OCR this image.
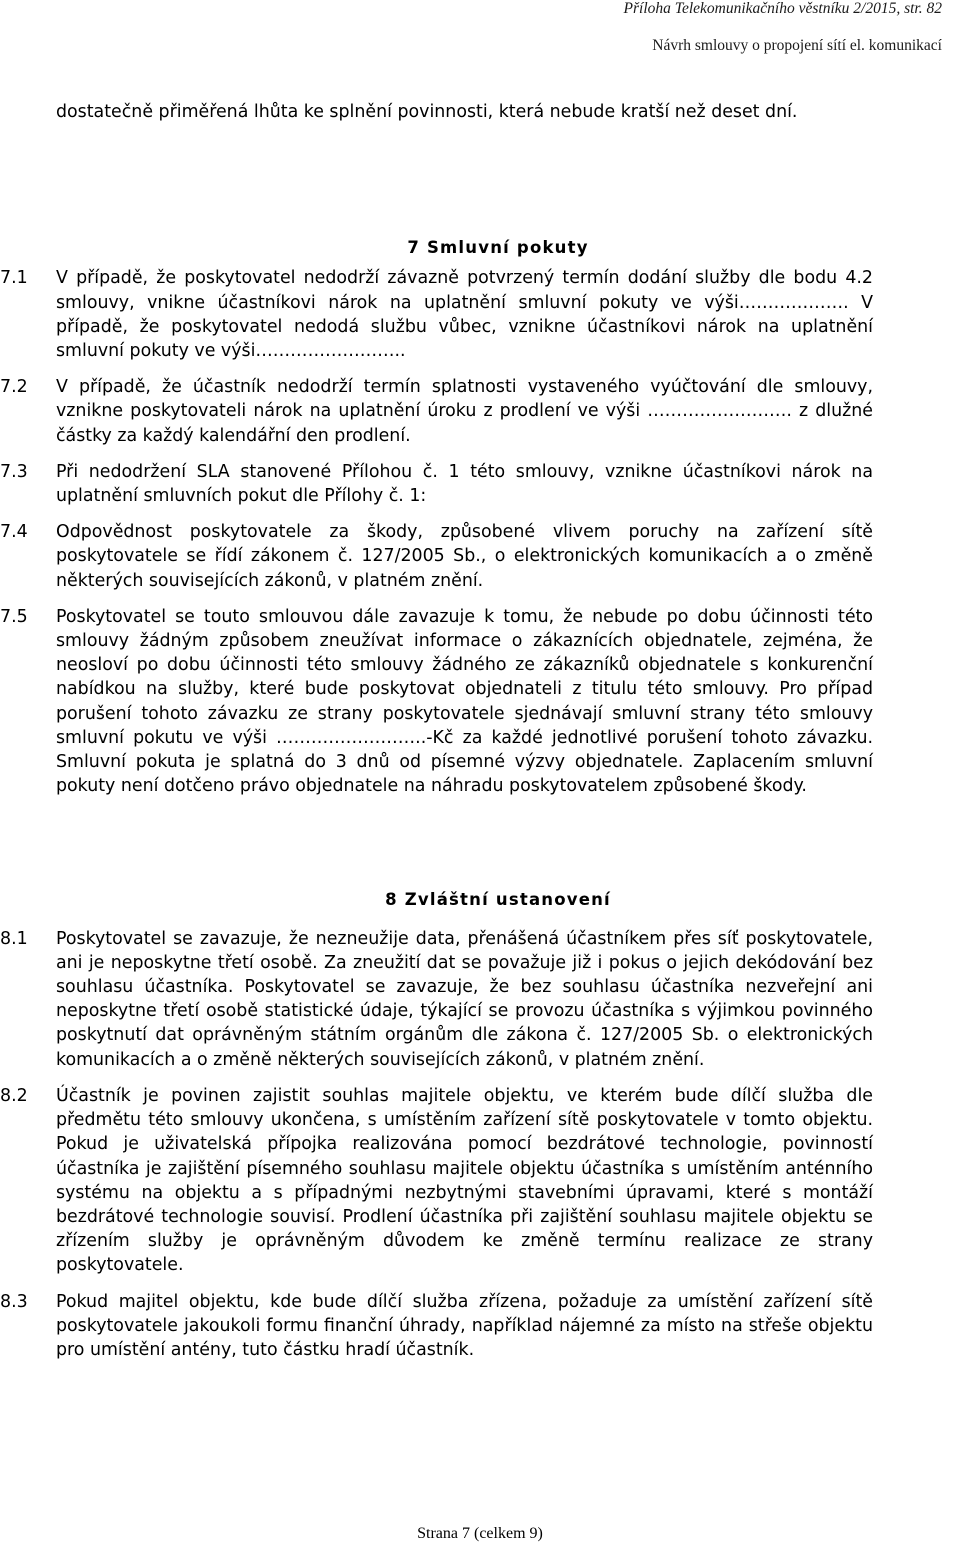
Příloha Telekomunikačního věstníku 2/2015, str. 82
Návrh smlouvy o propojení sítí el. komunikací
dostatečně přiměřená lhůta ke splnění povinnosti, která nebude kratší než deset dní.
7 Smluvní pokuty
7.1	V případě, že poskytovatel nedodrží závazně potvrzený termín dodání služby dle bodu 4.2 smlouvy, vnikne účastníkovi nárok na uplatnění smluvní pokuty ve výši………………. V případě, že poskytovatel nedodá službu vůbec, vznikne účastníkovi nárok na uplatnění smluvní pokuty ve výši……………………..
7.2	V případě, že účastník nedodrží termín splatnosti vystaveného vyúčtování dle smlouvy, vznikne poskytovateli nárok na uplatnění úroku z prodlení ve výši ……………………. z dlužné částky za každý kalendářní den prodlení.
7.3	Při nedodržení SLA stanovené Přílohou č. 1 této smlouvy, vznikne účastníkovi nárok na uplatnění smluvních pokut dle Přílohy č. 1:
7.4	Odpovědnost poskytovatele za škody, způsobené vlivem poruchy na zařízení sítě poskytovatele se řídí zákonem č. 127/2005 Sb., o elektronických komunikacích a o změně některých souvisejících zákonů, v platném znění.
7.5	Poskytovatel se touto smlouvou dále zavazuje k tomu, že nebude po dobu účinnosti této smlouvy žádným způsobem zneužívat informace o zákaznících objednatele, zejména, že neosloví po dobu účinnosti této smlouvy žádného ze zákazníků objednatele s konkurenční nabídkou na služby, které bude poskytovat objednateli z titulu této smlouvy. Pro případ porušení tohoto závazku ze strany poskytovatele sjednávají smluvní strany této smlouvy smluvní pokutu ve výši ……………………..-Kč za každé jednotlivé porušení tohoto závazku. Smluvní pokuta je splatná do 3 dnů od písemné výzvy objednatele. Zaplacením smluvní pokuty není dotčeno právo objednatele na náhradu poskytovatelem způsobené škody.
8 Zvláštní ustanovení
8.1	Poskytovatel se zavazuje, že nezneužije data, přenášená účastníkem přes síť poskytovatele, ani je neposkytne třetí osobě. Za zneužití dat se považuje již i pokus o jejich dekódování bez souhlasu účastníka. Poskytovatel se zavazuje, že bez souhlasu účastníka nezveřejní ani neposkytne třetí osobě statistické údaje, týkající se provozu účastníka s výjimkou povinného poskytnutí dat oprávněným státním orgánům dle zákona č. 127/2005 Sb. o elektronických komunikacích a o změně některých souvisejících zákonů, v platném znění.
8.2	Účastník je povinen zajistit souhlas majitele objektu, ve kterém bude dílčí služba dle předmětu této smlouvy ukončena, s umístěním zařízení sítě poskytovatele v tomto objektu. Pokud je uživatelská přípojka realizována pomocí bezdrátové technologie, povinností účastníka je zajištění písemného souhlasu majitele objektu účastníka s umístěním anténního systému na objektu a s případnými nezbytnými stavebními úpravami, které s montáží bezdrátové technologie souvisí. Prodlení účastníka při zajištění souhlasu majitele objektu se zřízením služby je oprávněným důvodem ke změně termínu realizace ze strany poskytovatele.
8.3	Pokud majitel objektu, kde bude dílčí služba zřízena, požaduje za umístění zařízení sítě poskytovatele jakoukoli formu finanční úhrady, například nájemné za místo na střeše objektu pro umístění antény, tuto částku hradí účastník.
Strana 7 (celkem 9)
